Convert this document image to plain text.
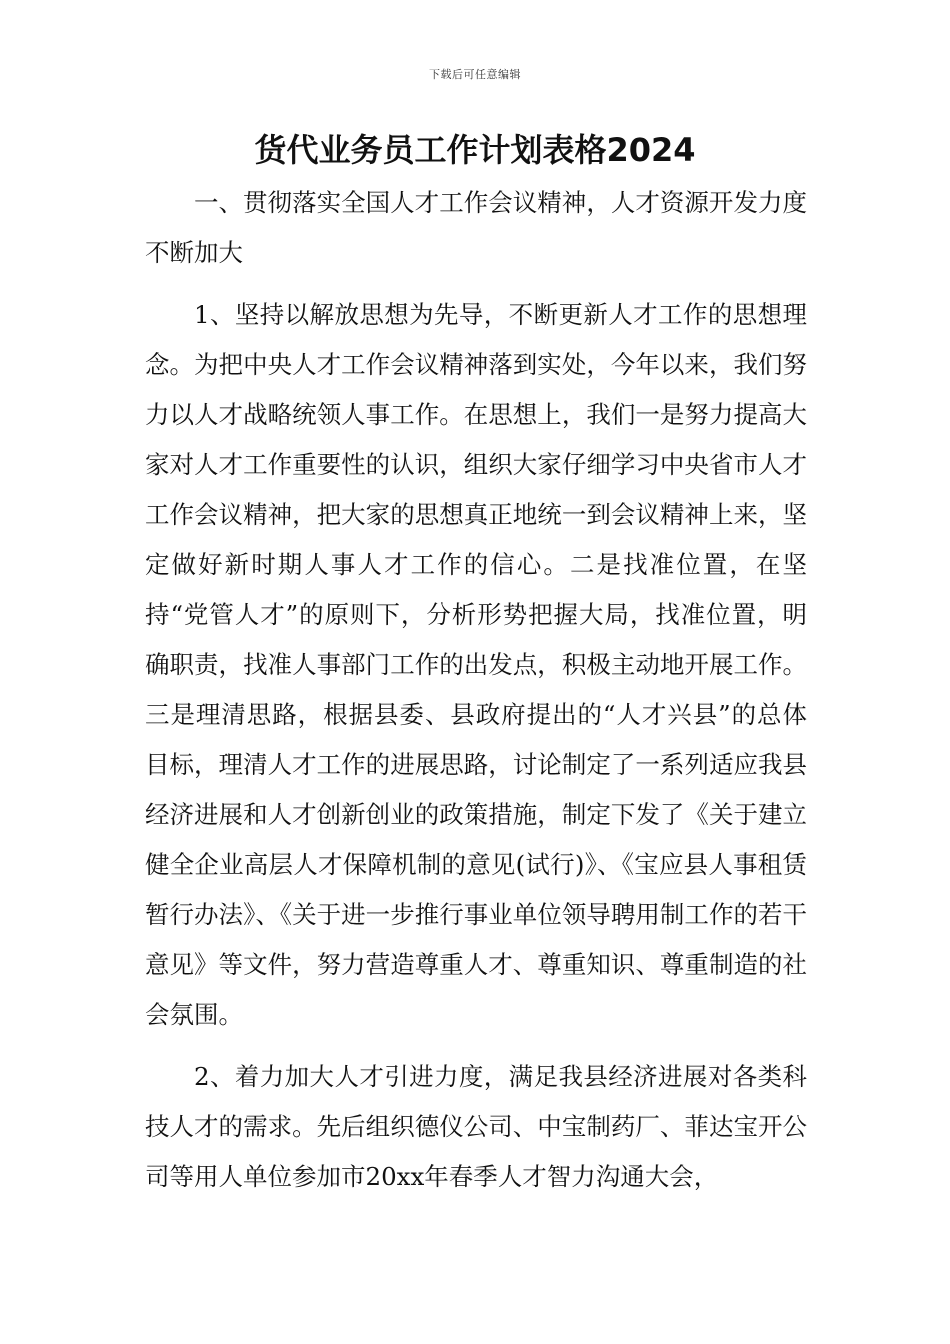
下载后可任意编辑
货代业务员工作计划表格2024

一、贯彻落实全国人才工作会议精神，人才资源开发力度不断加大

1、坚持以解放思想为先导，不断更新人才工作的思想理念。为把中央人才工作会议精神落到实处，今年以来，我们努力以人才战略统领人事工作。在思想上，我们一是努力提高大家对人才工作重要性的认识，组织大家仔细学习中央省市人才工作会议精神，把大家的思想真正地统一到会议精神上来，坚定做好新时期人事人才工作的信心。二是找准位置，在坚持“党管人才”的原则下，分析形势把握大局，找准位置，明确职责，找准人事部门工作的出发点，积极主动地开展工作。三是理清思路，根据县委、县政府提出的“人才兴县”的总体目标，理清人才工作的进展思路，讨论制定了一系列适应我县经济进展和人才创新创业的政策措施，制定下发了《关于建立健全企业高层人才保障机制的意见(试行)》、《宝应县人事租赁暂行办法》、《关于进一步推行事业单位领导聘用制工作的若干意见》等文件，努力营造尊重人才、尊重知识、尊重制造的社会氛围。

2、着力加大人才引进力度，满足我县经济进展对各类科技人才的需求。先后组织德仪公司、中宝制药厂、菲达宝开公司等用人单位参加市20xx年春季人才智力沟通大会，
